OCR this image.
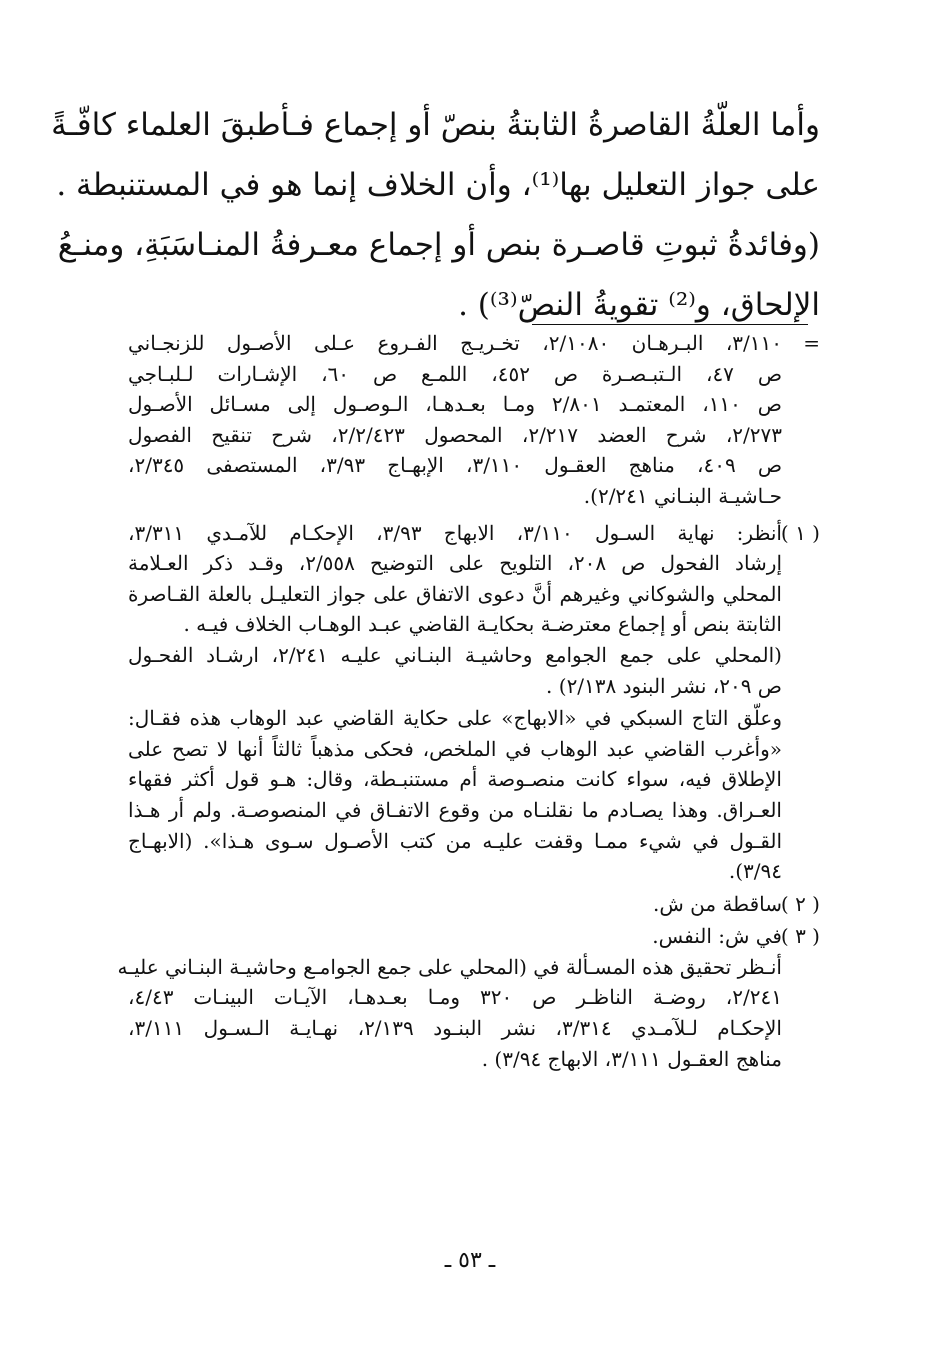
وأما العلّةُ القاصرةُ الثابتةُ بنصّ أو إجماع فـأطبقَ العلماء كافّـةً
على جواز التعليل بها⁽¹⁾، وأن الخلاف إنما هو في المستنبطة .
(وفائدةُ ثبوتِ قاصـرة بنص أو إجماع معـرفةُ المنـاسَبَةِ، ومنـعُ
الإلحاق، و⁽²⁾ تقويةُ النصّ⁽³⁾) .
=
٣/١١٠، البـرهـان ٢/١٠٨٠، تخـريـج الفـروع عـلى الأصـول للزنجـاني
ص ٤٧، الـتبـصـرة ص ٤٥٢، اللمـع ص ٦٠، الإشـارات لـلبـاجي
ص ١١٠، المعتمـد ٢/٨٠١ ومـا بعـدهـا، الـوصـول إلى مسـائل الأصـول
٢/٢٧٣، شرح العضد ٢/٢١٧، المحصول ٢/٢/٤٢٣، شرح تنقيح الفصول
ص ٤٠٩، مناهج العقـول ٣/١١٠، الإبهـاج ٣/٩٣، المستصفى ٢/٣٤٥،
حـاشيـة البنـاني ٢/٢٤١).
( ١ )
أنظر: نهاية السـول ٣/١١٠، الابهاج ٣/٩٣، الإحكـام للآمـدي ٣/٣١١،
إرشاد الفحول ص ٢٠٨، التلويح على التوضيح ٢/٥٥٨، وقـد ذكر العـلامة
المحلي والشوكاني وغيرهم أنَّ دعوى الاتفاق على جواز التعليـل بالعلة القـاصرة
الثابتة بنص أو إجماع معترضـة بحكايـة القاضي عبـد الوهـاب الخلاف فيـه .
(المحلي على جمع الجوامع وحاشيـة البنـاني عليـه ٢/٢٤١، ارشـاد الفحـول
ص ٢٠٩، نشر البنود ٢/١٣٨) .
وعلّق التاج السبكي في «الابهاج» على حكاية القاضي عبد الوهاب هذه فقـال:
«وأغرب القاضي عبد الوهاب في الملخص، فحكى مذهباً ثالثاً أنها لا تصح على
الإطلاق فيه، سواء كانت منصـوصة أم مستنبـطة، وقال: هـو قول أكثر فقهاء
العـراق. وهذا يصـادم ما نقلنـاه من وقوع الاتفـاق في المنصوصـة. ولم أر هـذا
القـول في شيء ممـا وقفت عليـه من كتب الأصـول سـوى هـذا». (الابهـاج
٣/٩٤).
( ٢ )
ساقطة من ش.
( ٣ )
في ش: النفس.
أنـظر تحقيق هذه المسـألة في (المحلي على جمع الجوامـع وحاشيـة البنـاني عليـه
٢/٢٤١، روضـة الناظـر ص ٣٢٠ ومـا بعـدهـا، الآيـات البينـات ٤/٤٣،
الإحكـام لـلآمـدي ٣/٣١٤، نشر البنـود ٢/١٣٩، نهـايـة الـسـول ٣/١١١،
مناهج العقـول ٣/١١١، الابهاج ٣/٩٤) .
ـ ٥٣ ـ
